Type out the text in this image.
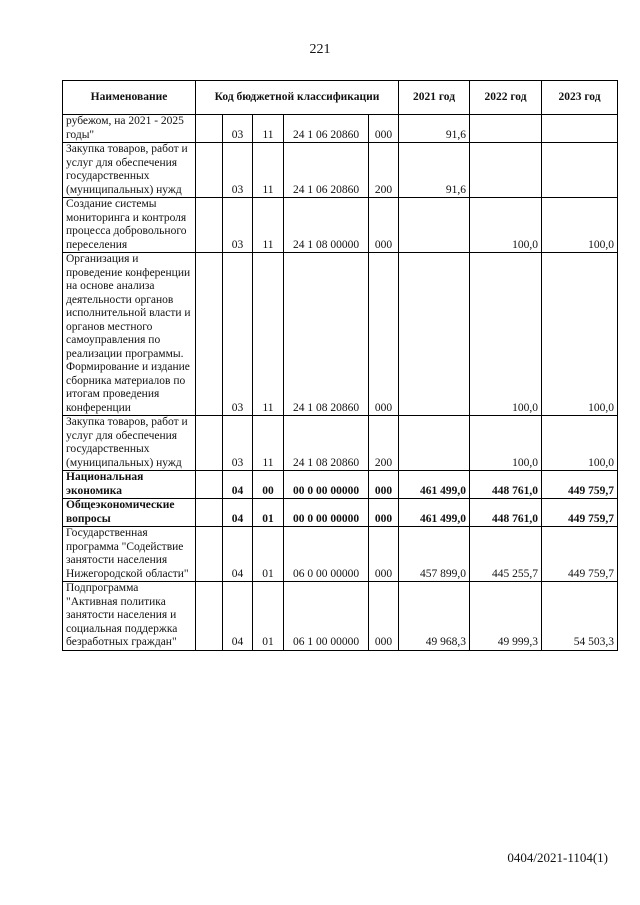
221
Наименование	Код бюджетной классификации					2021 год	2022 год	2023 год
рубежом, на 2021 - 2025 годы"		03	11	24 1 06 20860	000	91,6		
Закупка товаров, работ и услуг для обеспечения государственных (муниципальных) нужд		03	11	24 1 06 20860	200	91,6		
Создание системы мониторинга и контроля процесса добровольного переселения		03	11	24 1 08 00000	000		100,0	100,0
Организация и проведение конференции на основе анализа деятельности органов исполнительной власти и органов местного самоуправления по реализации программы. Формирование и издание сборника материалов по итогам проведения конференции		03	11	24 1 08 20860	000		100,0	100,0
Закупка товаров, работ и услуг для обеспечения государственных (муниципальных) нужд		03	11	24 1 08 20860	200		100,0	100,0
Национальная экономика		04	00	00 0 00 00000	000	461 499,0	448 761,0	449 759,7
Общеэкономические вопросы		04	01	00 0 00 00000	000	461 499,0	448 761,0	449 759,7
Государственная программа "Содействие занятости населения Нижегородской области"		04	01	06 0 00 00000	000	457 899,0	445 255,7	449 759,7
Подпрограмма "Активная политика занятости населения и социальная поддержка безработных граждан"		04	01	06 1 00 00000	000	49 968,3	49 999,3	54 503,3
0404/2021-1104(1)
